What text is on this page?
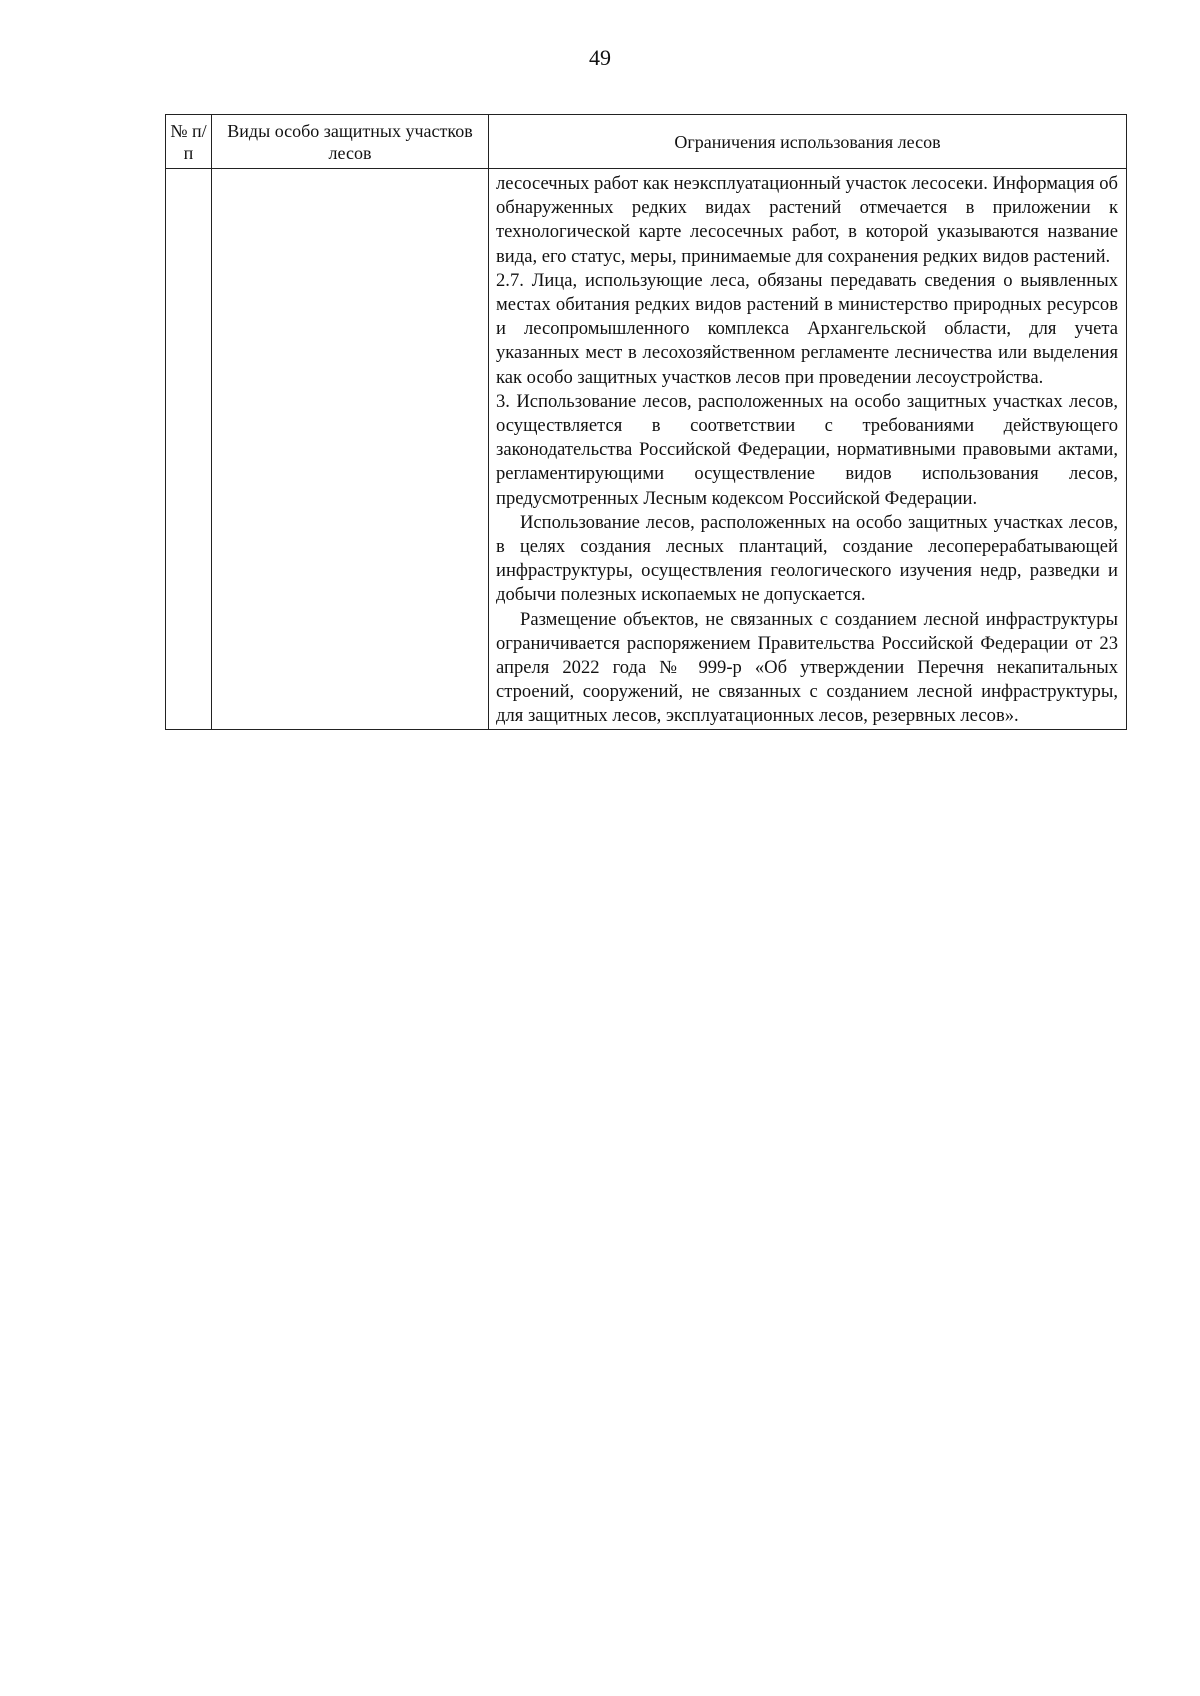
49
№ п/п	Виды особо защитных участков лесов	Ограничения использования лесов

		лесосечных работ как неэксплуатационный участок лесосеки. Информация об обнаруженных редких видах растений отмечается в приложении к технологической карте лесосечных работ, в которой указываются название вида, его статус, меры, принимаемые для сохранения редких видов растений.

2.7. Лица, использующие леса, обязаны передавать сведения о выявленных местах обитания редких видов растений в министерство природных ресурсов и лесопромышленного комплекса Архангельской области, для учета указанных мест в лесохозяйственном регламенте лесничества или выделения как особо защитных участков лесов при проведении лесоустройства.

3. Использование лесов, расположенных на особо защитных участках лесов, осуществляется в соответствии с требованиями действующего законодательства Российской Федерации, нормативными правовыми актами, регламентирующими осуществление видов использования лесов, предусмотренных Лесным кодексом Российской Федерации.

Использование лесов, расположенных на особо защитных участках лесов, в целях создания лесных плантаций, создание лесоперерабатывающей инфраструктуры, осуществления геологического изучения недр, разведки и добычи полезных ископаемых не допускается.

Размещение объектов, не связанных с созданием лесной инфраструктуры ограничивается распоряжением Правительства Российской Федерации от 23 апреля 2022 года № 999-р «Об утверждении Перечня некапитальных строений, сооружений, не связанных с созданием лесной инфраструктуры, для защитных лесов, эксплуатационных лесов, резервных лесов».
